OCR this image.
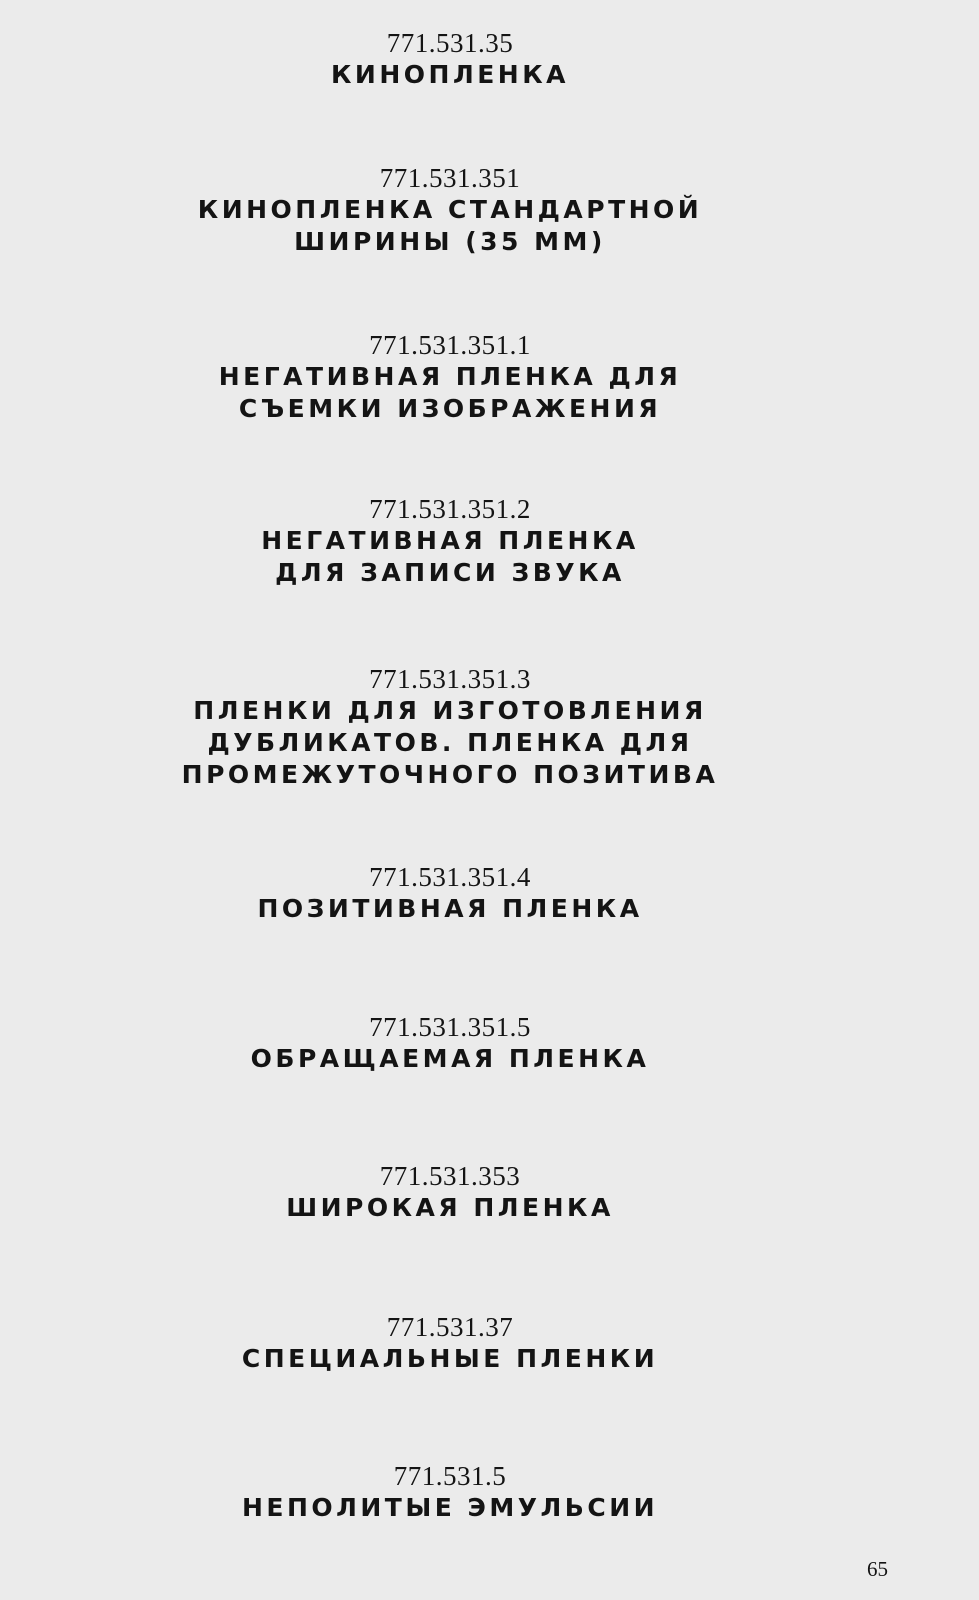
771.531.35

КИНОПЛЕНКА

771.531.351

КИНОПЛЕНКА СТАНДАРТНОЙ
ШИРИНЫ (35 ММ)

771.531.351.1

НЕГАТИВНАЯ ПЛЕНКА ДЛЯ
СЪЕМКИ ИЗОБРАЖЕНИЯ

771.531.351.2

НЕГАТИВНАЯ ПЛЕНКА
ДЛЯ ЗАПИСИ ЗВУКА

771.531.351.3

ПЛЕНКИ ДЛЯ ИЗГОТОВЛЕНИЯ
ДУБЛИКАТОВ. ПЛЕНКА ДЛЯ
ПРОМЕЖУТОЧНОГО ПОЗИТИВА

771.531.351.4

ПОЗИТИВНАЯ ПЛЕНКА

771.531.351.5

ОБРАЩАЕМАЯ ПЛЕНКА

771.531.353

ШИРОКАЯ ПЛЕНКА

771.531.37

СПЕЦИАЛЬНЫЕ ПЛЕНКИ

771.531.5

НЕПОЛИТЫЕ ЭМУЛЬСИИ

65
